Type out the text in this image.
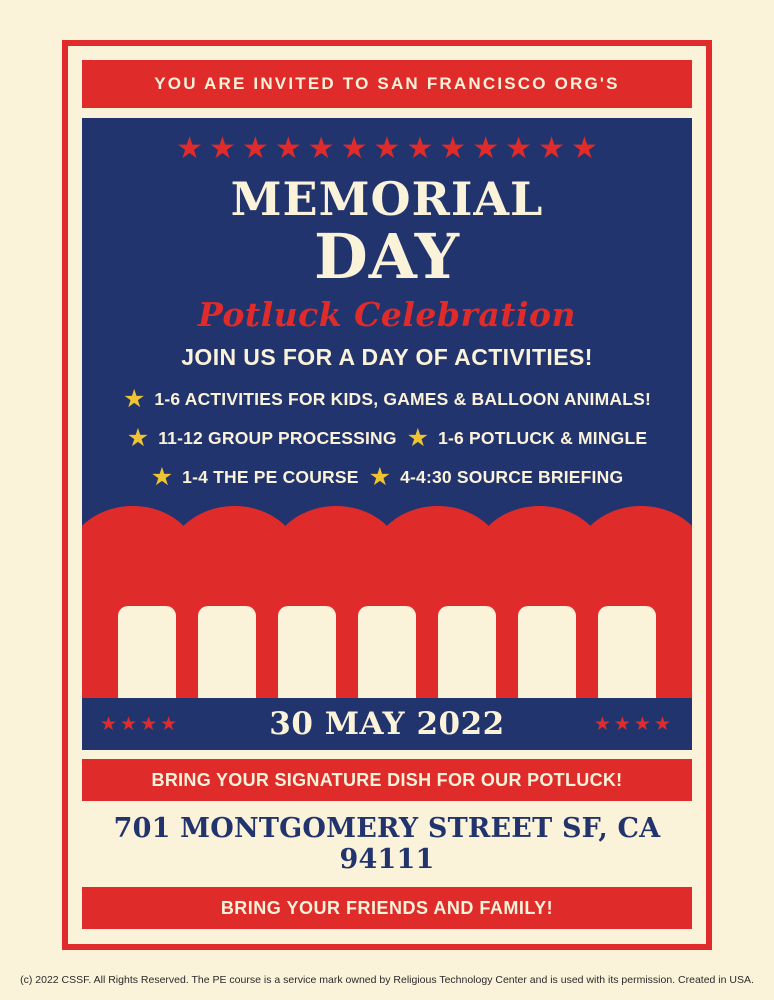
YOU ARE INVITED TO SAN FRANCISCO ORG'S
★ ★ ★ ★ ★ ★ ★ ★ ★ ★ ★ ★ ★
MEMORIAL
DAY
Potluck Celebration
JOIN US FOR A DAY OF ACTIVITIES!
★ 1-6 ACTIVITIES FOR KIDS, GAMES & BALLOON ANIMALS!
★ 11-12 GROUP PROCESSING ★ 1-6 POTLUCK & MINGLE
★ 1-4 THE PE COURSE ★ 4-4:30 SOURCE BRIEFING
★★★★	30 MAY 2022	★★★★
BRING YOUR SIGNATURE DISH FOR OUR POTLUCK!
701 MONTGOMERY STREET SF, CA 94111
BRING YOUR FRIENDS AND FAMILY!
(c) 2022 CSSF. All Rights Reserved. The PE course is a service mark owned by Religious Technology Center and is used with its permission. Created in USA.
